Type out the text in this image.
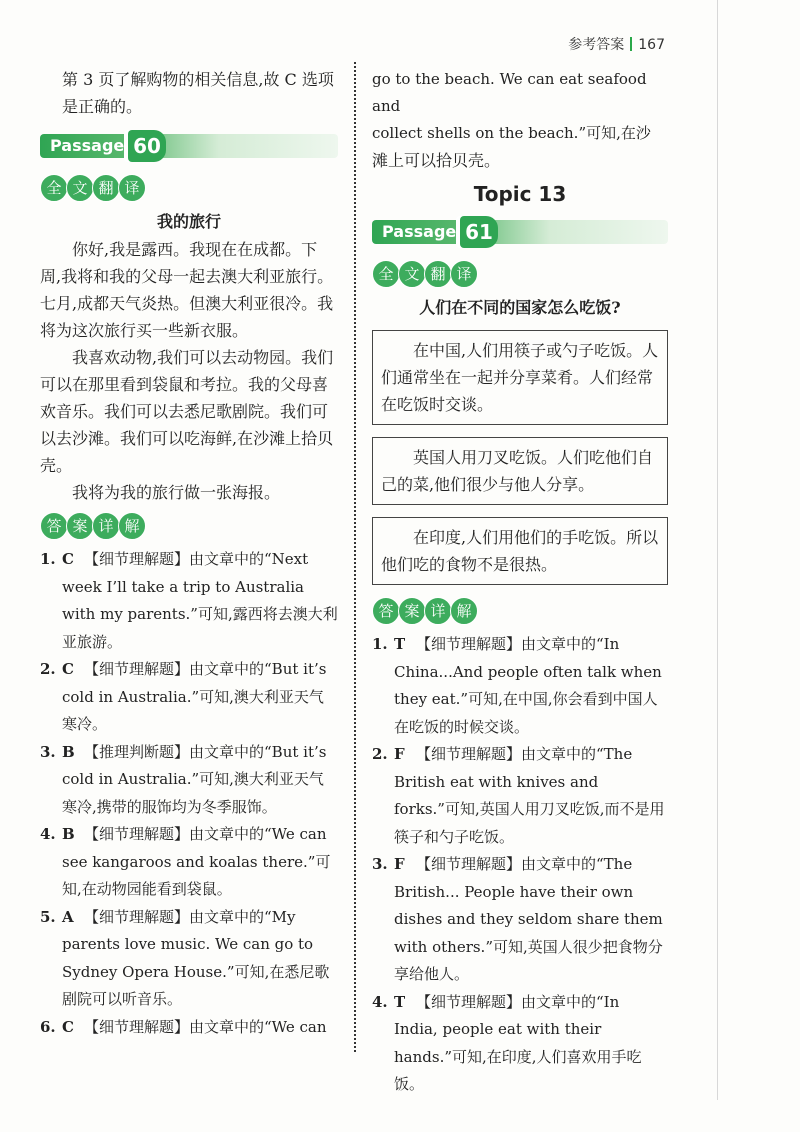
参考答案 167

第 3 页了解购物的相关信息,故 C 选项

是正确的。

Passage 60
全 文 翻 译

我的旅行

你好,我是露西。我现在在成都。下周,我将和我的父母一起去澳大利亚旅行。七月,成都天气炎热。但澳大利亚很冷。我将为这次旅行买一些新衣服。

我喜欢动物,我们可以去动物园。我们可以在那里看到袋鼠和考拉。我的父母喜欢音乐。我们可以去悉尼歌剧院。我们可以去沙滩。我们可以吃海鲜,在沙滩上拾贝壳。

我将为我的旅行做一张海报。

答 案 详 解
1. C 【细节理解题】由文章中的“Next
week I’ll take a trip to Australia with my parents.”可知,露西将去澳大利亚旅游。
2. C 【细节理解题】由文章中的“But it’s
cold in Australia.”可知,澳大利亚天气寒冷。
3. B 【推理判断题】由文章中的“But it’s
cold in Australia.”可知,澳大利亚天气寒冷,携带的服饰均为冬季服饰。
4. B 【细节理解题】由文章中的“We can
see kangaroos and koalas there.”可知,在动物园能看到袋鼠。
5. A 【细节理解题】由文章中的“My
parents love music. We can go to Sydney Opera House.”可知,在悉尼歌剧院可以听音乐。
6. C 【细节理解题】由文章中的“We can

go to the beach. We can eat seafood and

collect shells on the beach.”可知,在沙

滩上可以拾贝壳。

Topic 13
Passage 61
全 文 翻 译

人们在不同的国家怎么吃饭?

在中国,人们用筷子或勺子吃饭。人们通常坐在一起并分享菜肴。人们经常在吃饭时交谈。
英国人用刀叉吃饭。人们吃他们自己的菜,他们很少与他人分享。
在印度,人们用他们的手吃饭。所以他们吃的食物不是很热。
答 案 详 解
1. T 【细节理解题】由文章中的“In
China...And people often talk when they eat.”可知,在中国,你会看到中国人在吃饭的时候交谈。
2. F 【细节理解题】由文章中的“The
British eat with knives and forks.”可知,英国人用刀叉吃饭,而不是用筷子和勺子吃饭。
3. F 【细节理解题】由文章中的“The
British... People have their own dishes and they seldom share them with others.”可知,英国人很少把食物分享给他人。
4. T 【细节理解题】由文章中的“In
India, people eat with their hands.”可知,在印度,人们喜欢用手吃饭。
